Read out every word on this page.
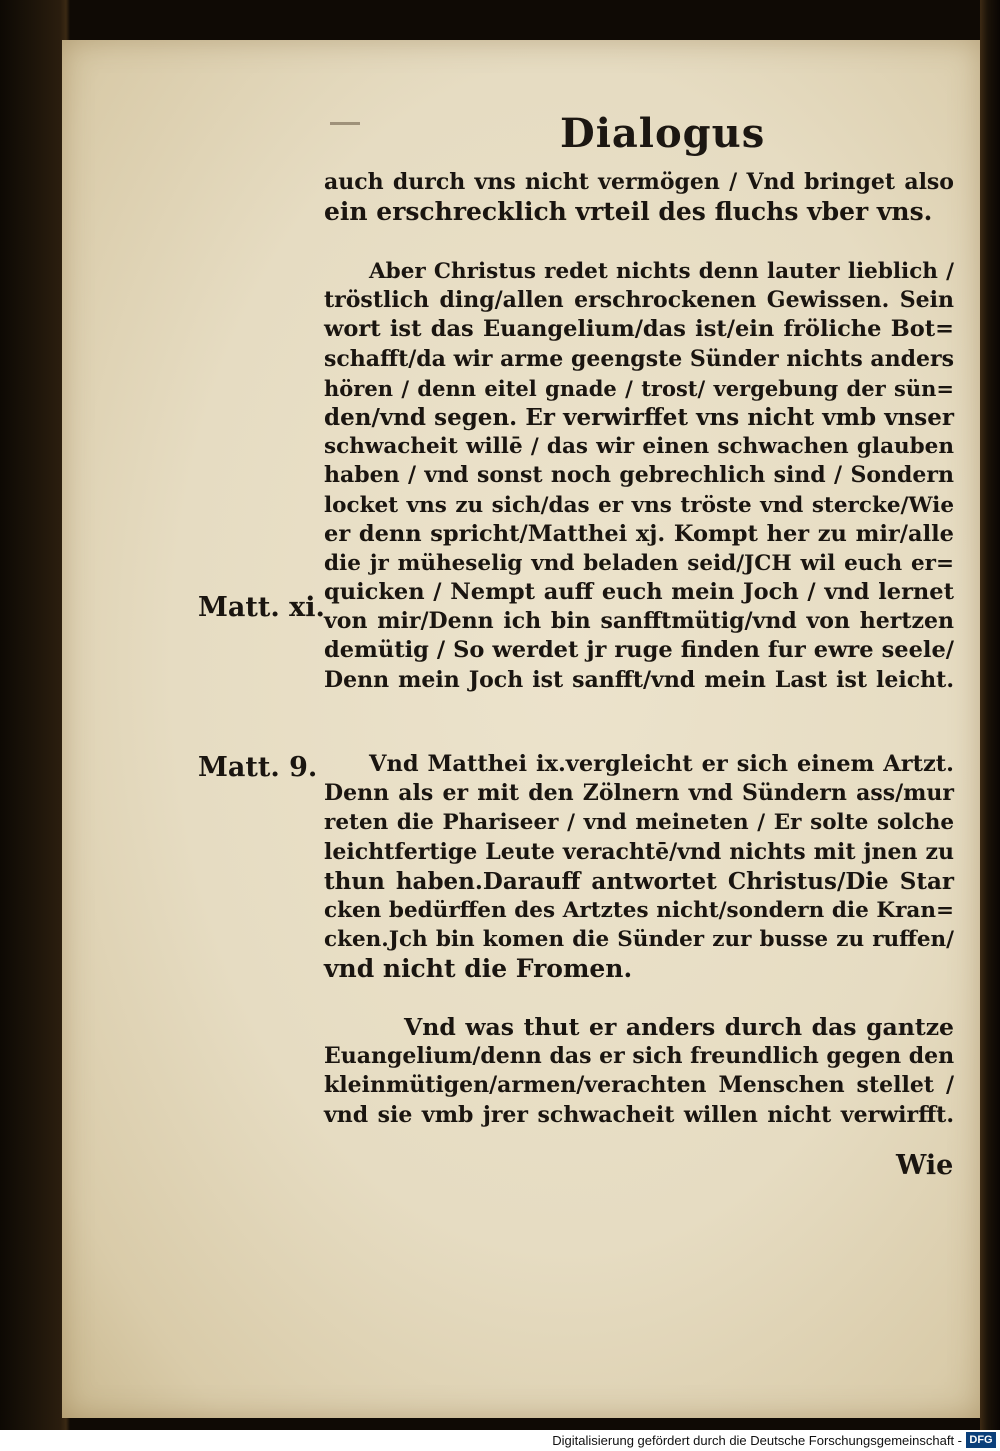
Dialogus
auch durch vns nicht vermögen / Vnd bringet also
ein erschrecklich vrteil des fluchs vber vns.
Aber Christus redet nichts denn lauter lieblich /
tröstlich ding/allen erschrockenen Gewissen. Sein
wort ist das Euangelium/das ist/ein fröliche Bot=
schafft/da wir arme geengste Sünder nichts anders
hören / denn eitel gnade / trost/ vergebung der sün=
den/vnd segen. Er verwirffet vns nicht vmb vnser
schwacheit willē / das wir einen schwachen glauben
haben / vnd sonst noch gebrechlich sind / Sondern
locket vns zu sich/das er vns tröste vnd stercke/Wie
er denn spricht/Matthei xj. Kompt her zu mir/alle
die jr müheselig vnd beladen seid/JCH wil euch er=
quicken / Nempt auff euch mein Joch / vnd lernet
von mir/Denn ich bin sanfftmütig/vnd von hertzen
demütig / So werdet jr ruge finden fur ewre seele/
Denn mein Joch ist sanfft/vnd mein Last ist leicht.
Matt. xi.
Matt. 9.	Vnd Matthei ix.vergleicht er sich einem Artzt.
Denn als er mit den Zölnern vnd Sündern ass/mur
reten die Phariseer / vnd meineten / Er solte solche
leichtfertige Leute verachtē/vnd nichts mit jnen zu
thun haben.Darauff antwortet Christus/Die Star
cken bedürffen des Artztes nicht/sondern die Kran=
cken.Jch bin komen die Sünder zur busse zu ruffen/
vnd nicht die Fromen.
Vnd was thut er anders durch das gantze
Euangelium/denn das er sich freundlich gegen den
kleinmütigen/armen/verachten Menschen stellet /
vnd sie vmb jrer schwacheit willen nicht verwirfft.
Wie
Digitalisierung gefördert durch die Deutsche Forschungsgemeinschaft - DFG
